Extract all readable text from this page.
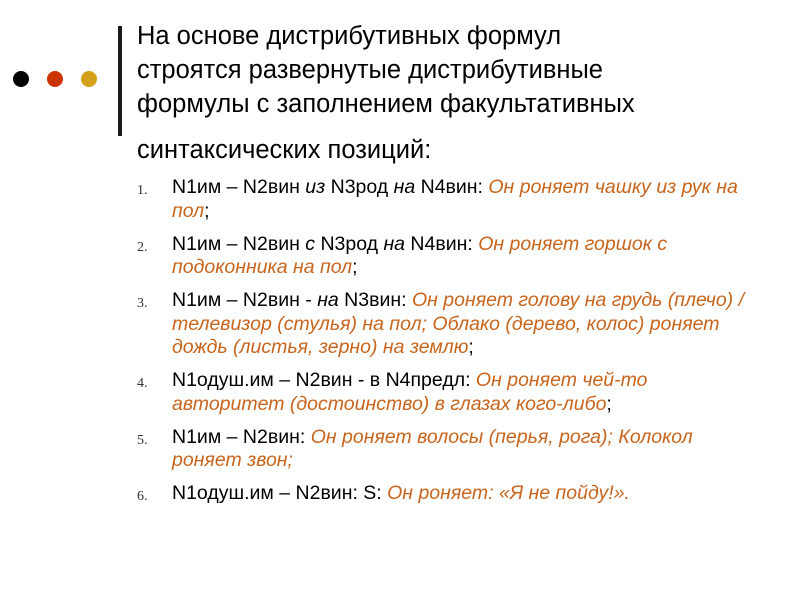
На основе дистрибутивных формул
строятся развернутые дистрибутивные
формулы с заполнением факультативных
синтаксических позиций:
1. N1им – N2вин из N3род на N4вин: Он роняет чашку из рук на пол;
2. N1им – N2вин с N3род на N4вин: Он роняет горшок с подоконника на пол;
3. N1им – N2вин - на N3вин: Он роняет голову на грудь (плечо) / телевизор (стулья) на пол; Облако (дерево, колос) роняет дождь (листья, зерно) на землю;
4. N1одуш.им – N2вин - в N4предл: Он роняет чей-то авторитет (достоинство) в глазах кого-либо;
5. N1им – N2вин: Он роняет волосы (перья, рога); Колокол роняет звон;
6. N1одуш.им – N2вин: S: Он роняет: «Я не пойду!».
